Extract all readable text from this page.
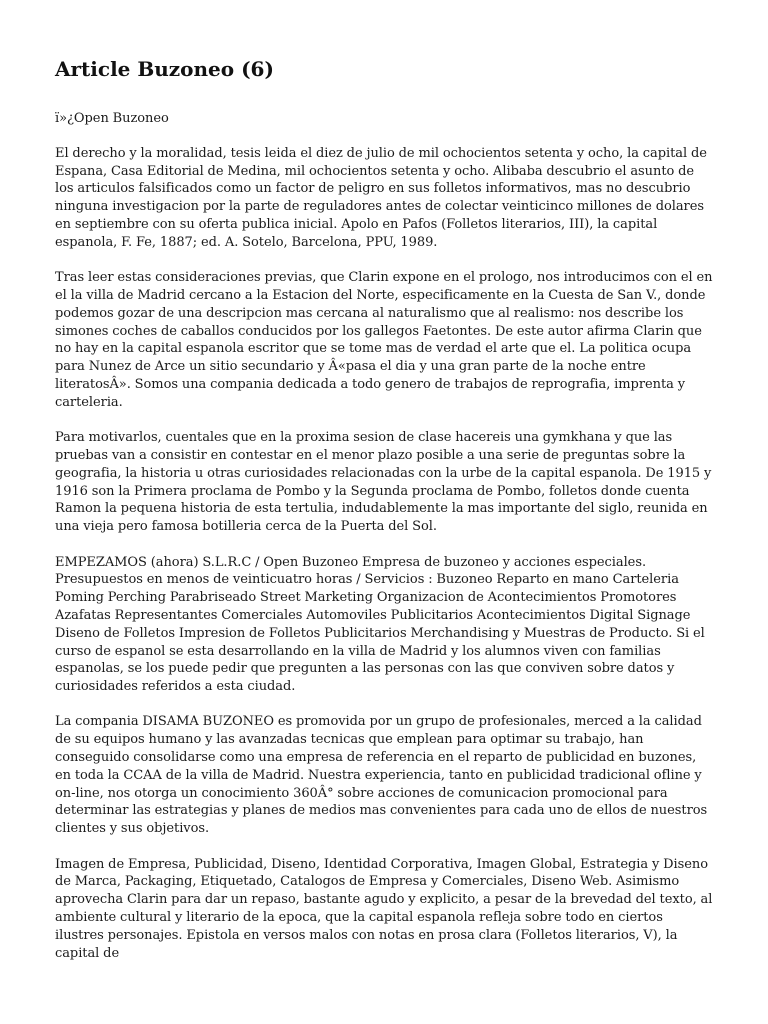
Article Buzoneo (6)

ï»¿Open Buzoneo

El derecho y la moralidad, tesis leida el diez de julio de mil ochocientos setenta y ocho, la capital de Espana, Casa Editorial de Medina, mil ochocientos setenta y ocho. Alibaba descubrio el asunto de los articulos falsificados como un factor de peligro en sus folletos informativos, mas no descubrio ninguna investigacion por la parte de reguladores antes de colectar veinticinco millones de dolares en septiembre con su oferta publica inicial. Apolo en Pafos (Folletos literarios, III), la capital espanola, F. Fe, 1887; ed. A. Sotelo, Barcelona, PPU, 1989.

Tras leer estas consideraciones previas, que Clarin expone en el prologo, nos introducimos con el en el la villa de Madrid cercano a la Estacion del Norte, especificamente en la Cuesta de San V., donde podemos gozar de una descripcion mas cercana al naturalismo que al realismo: nos describe los simones coches de caballos conducidos por los gallegos Faetontes. De este autor afirma Clarin que no hay en la capital espanola escritor que se tome mas de verdad el arte que el. La politica ocupa para Nunez de Arce un sitio secundario y Â«pasa el dia y una gran parte de la noche entre literatosÂ». Somos una compania dedicada a todo genero de trabajos de reprografia, imprenta y carteleria.

Para motivarlos, cuentales que en la proxima sesion de clase hacereis una gymkhana y que las pruebas van a consistir en contestar en el menor plazo posible a una serie de preguntas sobre la geografia, la historia u otras curiosidades relacionadas con la urbe de la capital espanola. De 1915 y 1916 son la Primera proclama de Pombo y la Segunda proclama de Pombo, folletos donde cuenta Ramon la pequena historia de esta tertulia, indudablemente la mas importante del siglo, reunida en una vieja pero famosa botilleria cerca de la Puerta del Sol.

EMPEZAMOS (ahora) S.L.R.C / Open Buzoneo Empresa de buzoneo y acciones especiales. Presupuestos en menos de veinticuatro horas / Servicios : Buzoneo Reparto en mano Carteleria Poming Perching Parabriseado Street Marketing Organizacion de Acontecimientos Promotores Azafatas Representantes Comerciales Automoviles Publicitarios Acontecimientos Digital Signage Diseno de Folletos Impresion de Folletos Publicitarios Merchandising y Muestras de Producto. Si el curso de espanol se esta desarrollando en la villa de Madrid y los alumnos viven con familias espanolas, se los puede pedir que pregunten a las personas con las que conviven sobre datos y curiosidades referidos a esta ciudad.

La compania DISAMA BUZONEO es promovida por un grupo de profesionales, merced a la calidad de su equipos humano y las avanzadas tecnicas que emplean para optimar su trabajo, han conseguido consolidarse como una empresa de referencia en el reparto de publicidad en buzones, en toda la CCAA de la villa de Madrid. Nuestra experiencia, tanto en publicidad tradicional ofline y on-line, nos otorga un conocimiento 360Â° sobre acciones de comunicacion promocional para determinar las estrategias y planes de medios mas convenientes para cada uno de ellos de nuestros clientes y sus objetivos.

Imagen de Empresa, Publicidad, Diseno, Identidad Corporativa, Imagen Global, Estrategia y Diseno de Marca, Packaging, Etiquetado, Catalogos de Empresa y Comerciales, Diseno Web. Asimismo aprovecha Clarin para dar un repaso, bastante agudo y explicito, a pesar de la brevedad del texto, al ambiente cultural y literario de la epoca, que la capital espanola refleja sobre todo en ciertos ilustres personajes. Epistola en versos malos con notas en prosa clara (Folletos literarios, V), la capital de
